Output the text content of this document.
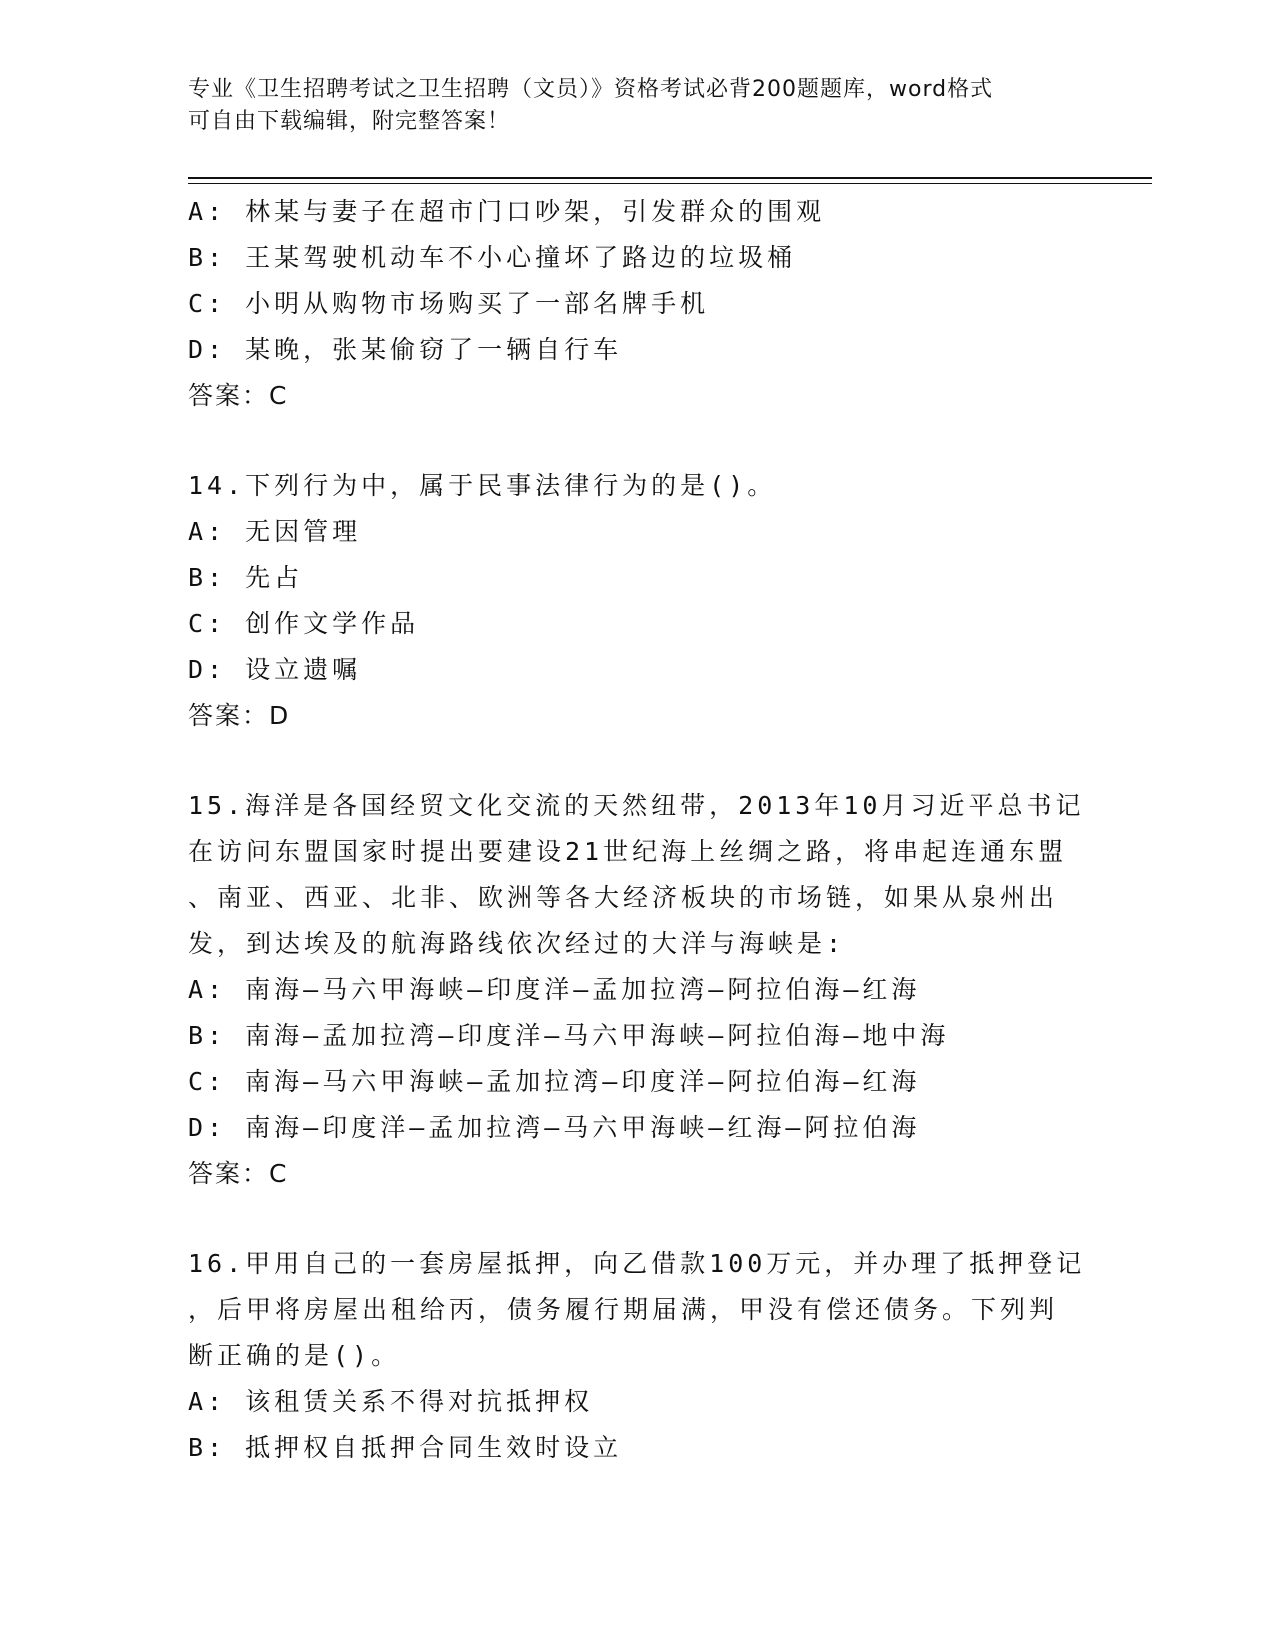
专业《卫生招聘考试之卫生招聘（文员）》资格考试必背200题题库，word格式
可自由下载编辑，附完整答案！
A: 林某与妻子在超市门口吵架，引发群众的围观
B: 王某驾驶机动车不小心撞坏了路边的垃圾桶
C: 小明从购物市场购买了一部名牌手机
D: 某晚，张某偷窃了一辆自行车
答案：C
14.下列行为中，属于民事法律行为的是()。
A: 无因管理
B: 先占
C: 创作文学作品
D: 设立遗嘱
答案：D
15.海洋是各国经贸文化交流的天然纽带，2013年10月习近平总书记
在访问东盟国家时提出要建设21世纪海上丝绸之路，将串起连通东盟
、南亚、西亚、北非、欧洲等各大经济板块的市场链，如果从泉州出
发，到达埃及的航海路线依次经过的大洋与海峡是:
A: 南海—马六甲海峡—印度洋—孟加拉湾—阿拉伯海—红海
B: 南海—孟加拉湾—印度洋—马六甲海峡—阿拉伯海—地中海
C: 南海—马六甲海峡—孟加拉湾—印度洋—阿拉伯海—红海
D: 南海—印度洋—孟加拉湾—马六甲海峡—红海—阿拉伯海
答案：C
16.甲用自己的一套房屋抵押，向乙借款100万元，并办理了抵押登记
，后甲将房屋出租给丙，债务履行期届满，甲没有偿还债务。下列判
断正确的是()。
A: 该租赁关系不得对抗抵押权
B: 抵押权自抵押合同生效时设立
